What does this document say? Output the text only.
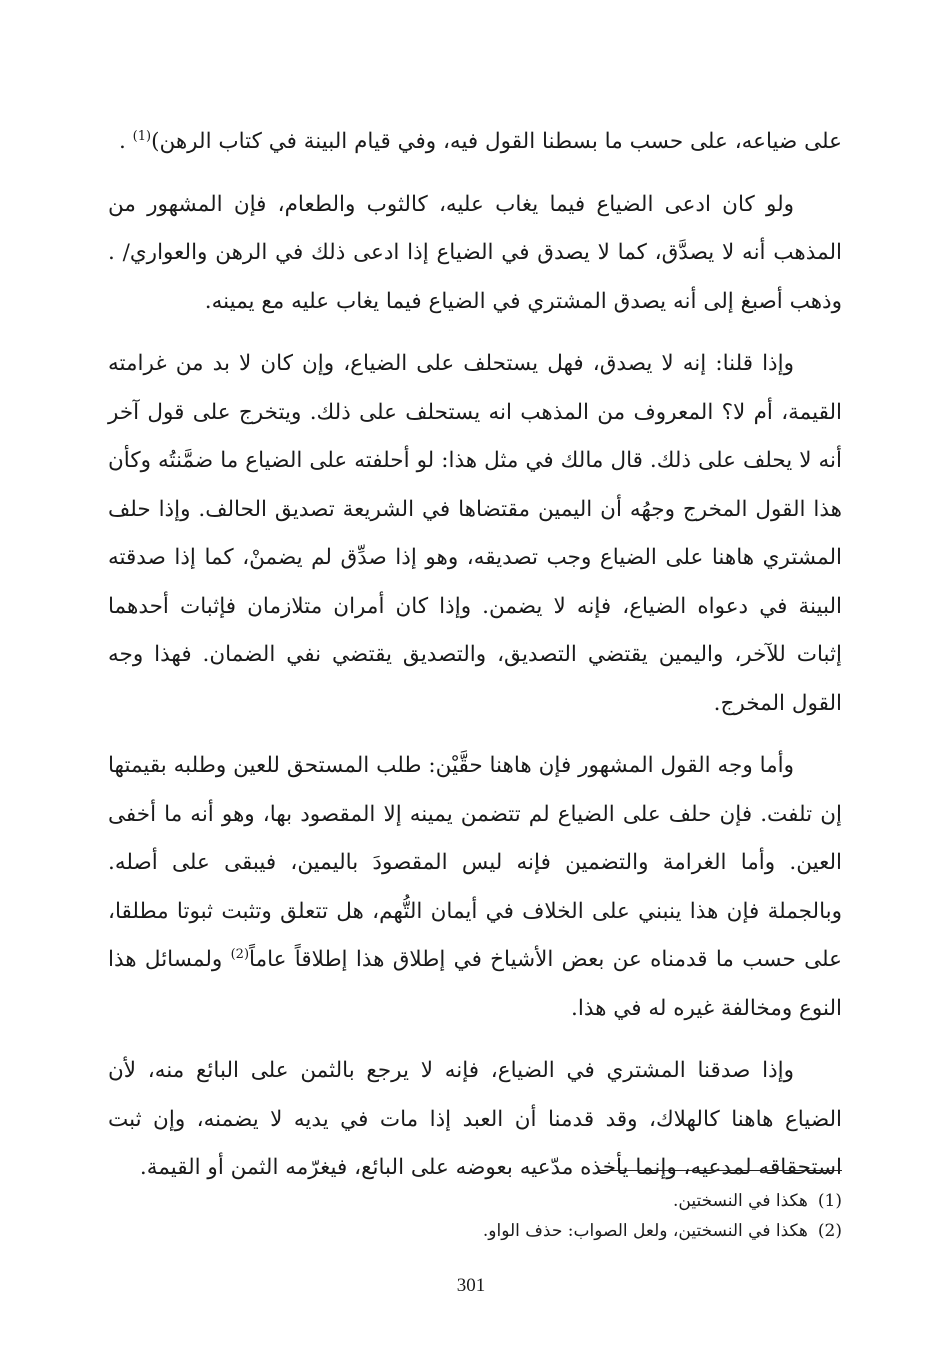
على ضياعه، على حسب ما بسطنا القول فيه، وفي قيام البينة في كتاب الرهن)$^{(1)}$ .

ولو كان ادعى الضياع فيما يغاب عليه، كالثوب والطعام، فإن المشهور من المذهب أنه لا يصدَّق، كما لا يصدق في الضياع إذا ادعى ذلك في الرهن والعواري/ . وذهب أصبغ إلى أنه يصدق المشتري في الضياع فيما يغاب عليه مع يمينه.

وإذا قلنا: إنه لا يصدق، فهل يستحلف على الضياع، وإن كان لا بد من غرامته القيمة، أم لا؟ المعروف من المذهب انه يستحلف على ذلك. ويتخرج على قول آخر أنه لا يحلف على ذلك. قال مالك في مثل هذا: لو أحلفته على الضياع ما ضمَّنتُه وكأن هذا القول المخرج وجهُه أن اليمين مقتضاها في الشريعة تصديق الحالف. وإذا حلف المشتري هاهنا على الضياع وجب تصديقه، وهو إذا صدِّق لم يضمنْ، كما إذا صدقته البينة في دعواه الضياع، فإنه لا يضمن. وإذا كان أمران متلازمان فإثبات أحدهما إثبات للآخر، واليمين يقتضي التصديق، والتصديق يقتضي نفي الضمان. فهذا وجه القول المخرج.

وأما وجه القول المشهور فإن هاهنا حقَّيْن: طلب المستحق للعين وطلبه بقيمتها إن تلفت. فإن حلف على الضياع لم تتضمن يمينه إلا المقصود بها، وهو أنه ما أخفى العين. وأما الغرامة والتضمين فإنه ليس المقصودَ باليمين، فيبقى على أصله. وبالجملة فإن هذا ينبني على الخلاف في أيمان التُّهم، هل تتعلق وتثبت ثبوتا مطلقا، على حسب ما قدمناه عن بعض الأشياخ في إطلاق هذا إطلاقاً عاماً$^{(2)}$ ولمسائل هذا النوع ومخالفة غيره له في هذا.

وإذا صدقنا المشتري في الضياع، فإنه لا يرجع بالثمن على البائع منه، لأن الضياع هاهنا كالهلاك، وقد قدمنا أن العبد إذا مات في يديه لا يضمنه، وإن ثبت استحقاقه لمدعيه، وإنما يأخذه مدّعيه بعوضه على البائع، فيغرّمه الثمن أو القيمة.

(1)هكذا في النسختين.

(2)هكذا في النسختين، ولعل الصواب: حذف الواو.

301
